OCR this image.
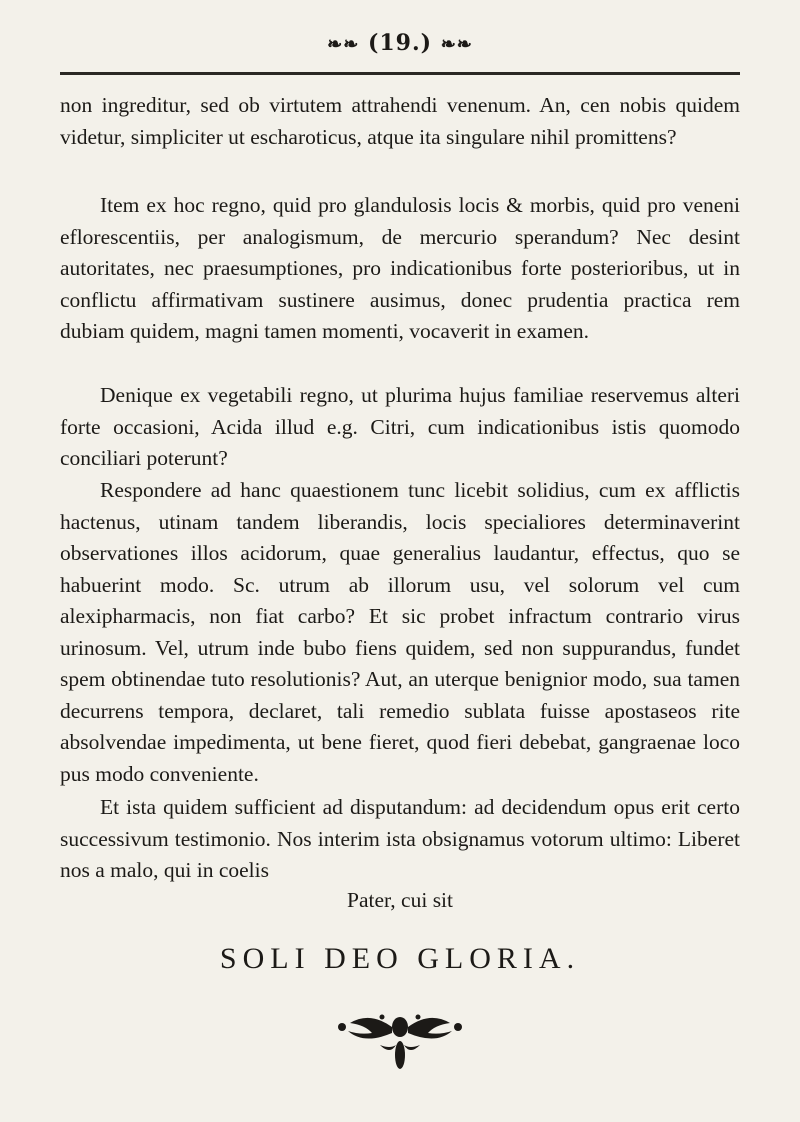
❧❧ (19.) ❧❧

non ingreditur, sed ob virtutem attrahendi venenum. An, cen nobis quidem videtur, simpliciter ut escharoticus, atque ita singulare nihil promittens?

Item ex hoc regno, quid pro glandulosis locis & morbis, quid pro veneni eflorescentiis, per analogismum, de mercurio sperandum? Nec desint autoritates, nec praesumptiones, pro indicationibus forte posterioribus, ut in conflictu affirmativam sustinere ausimus, donec prudentia practica rem dubiam quidem, magni tamen momenti, vocaverit in examen.

Denique ex vegetabili regno, ut plurima hujus familiae reservemus alteri forte occasioni, Acida illud e.g. Citri, cum indicationibus istis quomodo conciliari poterunt?

Respondere ad hanc quaestionem tunc licebit solidius, cum ex afflictis hactenus, utinam tandem liberandis, locis specialiores determinaverint observationes illos acidorum, quae generalius laudantur, effectus, quo se habuerint modo. Sc. utrum ab illorum usu, vel solorum vel cum alexipharmacis, non fiat carbo? Et sic probet infractum contrario virus urinosum. Vel, utrum inde bubo fiens quidem, sed non suppurandus, fundet spem obtinendae tuto resolutionis? Aut, an uterque benignior modo, sua tamen decurrens tempora, declaret, tali remedio sublata fuisse apostaseos rite absolvendae impedimenta, ut bene fieret, quod fieri debebat, gangraenae loco pus modo conveniente.

Et ista quidem sufficient ad disputandum: ad decidendum opus erit certo successivum testimonio. Nos interim ista obsignamus votorum ultimo: Liberet nos a malo, qui in coelis

Pater, cui sit
SOLI DEO GLORIA.
